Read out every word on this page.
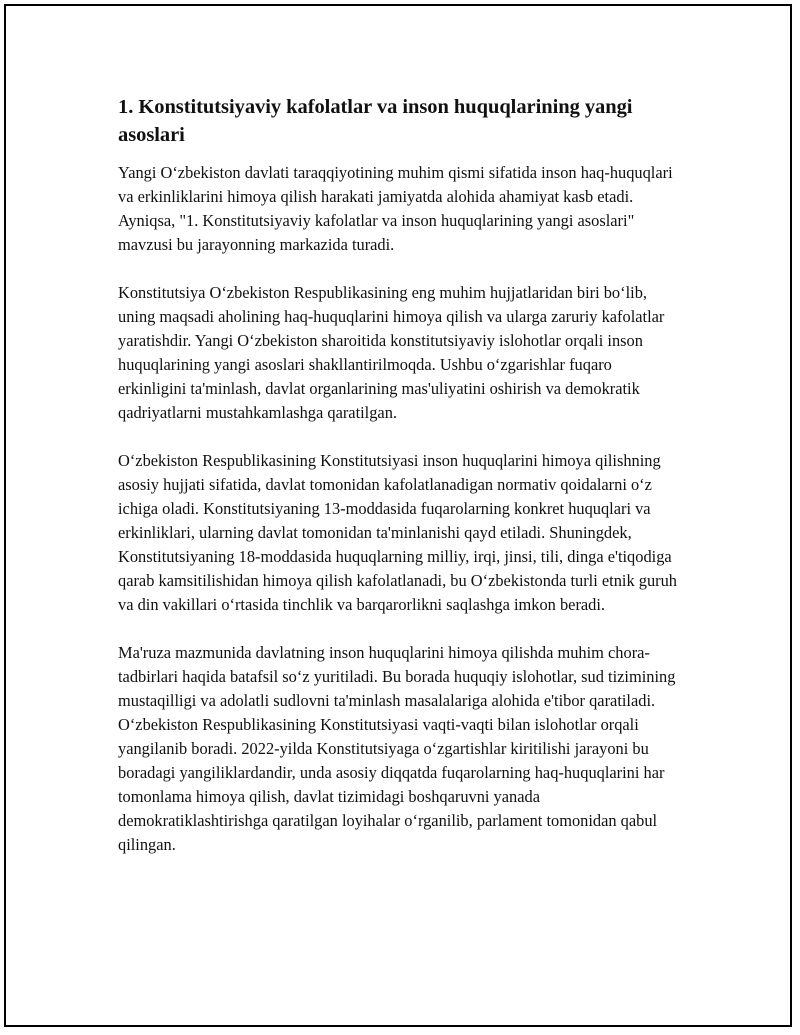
1. Konstitutsiyaviy kafolatlar va inson huquqlarining yangi asoslari

Yangi O‘zbekiston davlati taraqqiyotining muhim qismi sifatida inson haq-huquqlari va erkinliklarini himoya qilish harakati jamiyatda alohida ahamiyat kasb etadi. Ayniqsa, "1. Konstitutsiyaviy kafolatlar va inson huquqlarining yangi asoslari" mavzusi bu jarayonning markazida turadi.

Konstitutsiya O‘zbekiston Respublikasining eng muhim hujjatlaridan biri bo‘lib, uning maqsadi aholining haq-huquqlarini himoya qilish va ularga zaruriy kafolatlar yaratishdir. Yangi O‘zbekiston sharoitida konstitutsiyaviy islohotlar orqali inson huquqlarining yangi asoslari shakllantirilmoqda. Ushbu o‘zgarishlar fuqaro erkinligini ta'minlash, davlat organlarining mas'uliyatini oshirish va demokratik qadriyatlarni mustahkamlashga qaratilgan.

O‘zbekiston Respublikasining Konstitutsiyasi inson huquqlarini himoya qilishning asosiy hujjati sifatida, davlat tomonidan kafolatlanadigan normativ qoidalarni o‘z ichiga oladi. Konstitutsiyaning 13-moddasida fuqarolarning konkret huquqlari va erkinliklari, ularning davlat tomonidan ta'minlanishi qayd etiladi. Shuningdek, Konstitutsiyaning 18-moddasida huquqlarning milliy, irqi, jinsi, tili, dinga e'tiqodiga qarab kamsitilishidan himoya qilish kafolatlanadi, bu O‘zbekistonda turli etnik guruh va din vakillari o‘rtasida tinchlik va barqarorlikni saqlashga imkon beradi.

Ma'ruza mazmunida davlatning inson huquqlarini himoya qilishda muhim chora-tadbirlari haqida batafsil so‘z yuritiladi. Bu borada huquqiy islohotlar, sud tizimining mustaqilligi va adolatli sudlovni ta'minlash masalalariga alohida e'tibor qaratiladi. O‘zbekiston Respublikasining Konstitutsiyasi vaqti-vaqti bilan islohotlar orqali yangilanib boradi. 2022-yilda Konstitutsiyaga o‘zgartishlar kiritilishi jarayoni bu boradagi yangiliklardandir, unda asosiy diqqatda fuqarolarning haq-huquqlarini har tomonlama himoya qilish, davlat tizimidagi boshqaruvni yanada demokratiklashtirishga qaratilgan loyihalar o‘rganilib, parlament tomonidan qabul qilingan.
